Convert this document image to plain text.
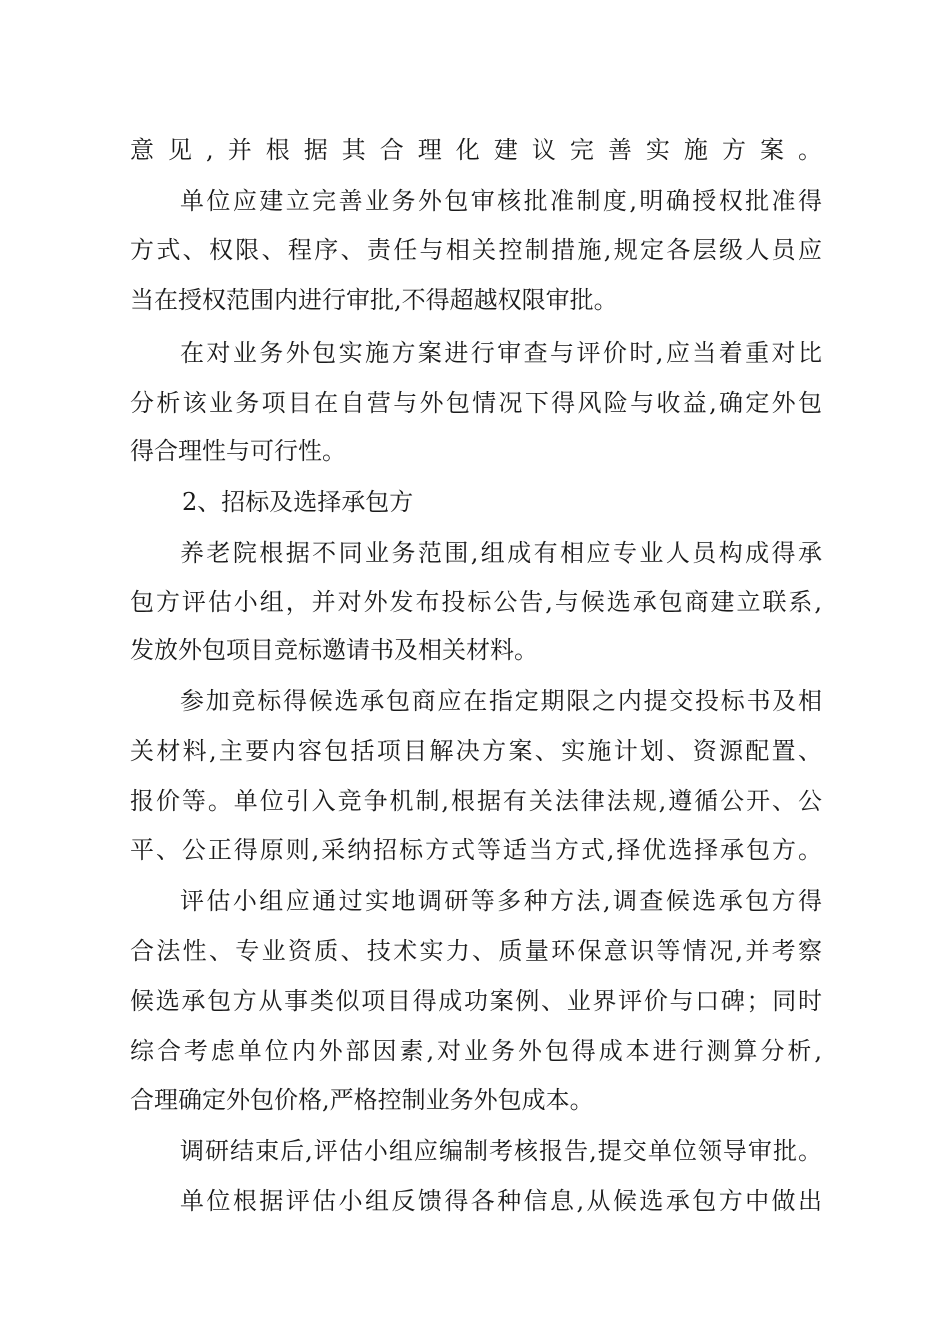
意见,并根据其合理化建议完善实施方案。
单位应建立完善业务外包审核批准制度,明确授权批准得
方式、权限、程序、责任与相关控制措施,规定各层级人员应
当在授权范围内进行审批,不得超越权限审批。
在对业务外包实施方案进行审查与评价时,应当着重对比
分析该业务项目在自营与外包情况下得风险与收益,确定外包
得合理性与可行性。
2、招标及选择承包方
养老院根据不同业务范围,组成有相应专业人员构成得承
包方评估小组，并对外发布投标公告,与候选承包商建立联系,
发放外包项目竞标邀请书及相关材料。
参加竞标得候选承包商应在指定期限之内提交投标书及相
关材料,主要内容包括项目解决方案、实施计划、资源配置、
报价等。单位引入竞争机制,根据有关法律法规,遵循公开、公
平、公正得原则,采纳招标方式等适当方式,择优选择承包方。
评估小组应通过实地调研等多种方法,调查候选承包方得
合法性、专业资质、技术实力、质量环保意识等情况,并考察
候选承包方从事类似项目得成功案例、业界评价与口碑；同时
综合考虑单位内外部因素,对业务外包得成本进行测算分析,
合理确定外包价格,严格控制业务外包成本。
调研结束后,评估小组应编制考核报告,提交单位领导审批。
单位根据评估小组反馈得各种信息,从候选承包方中做出
